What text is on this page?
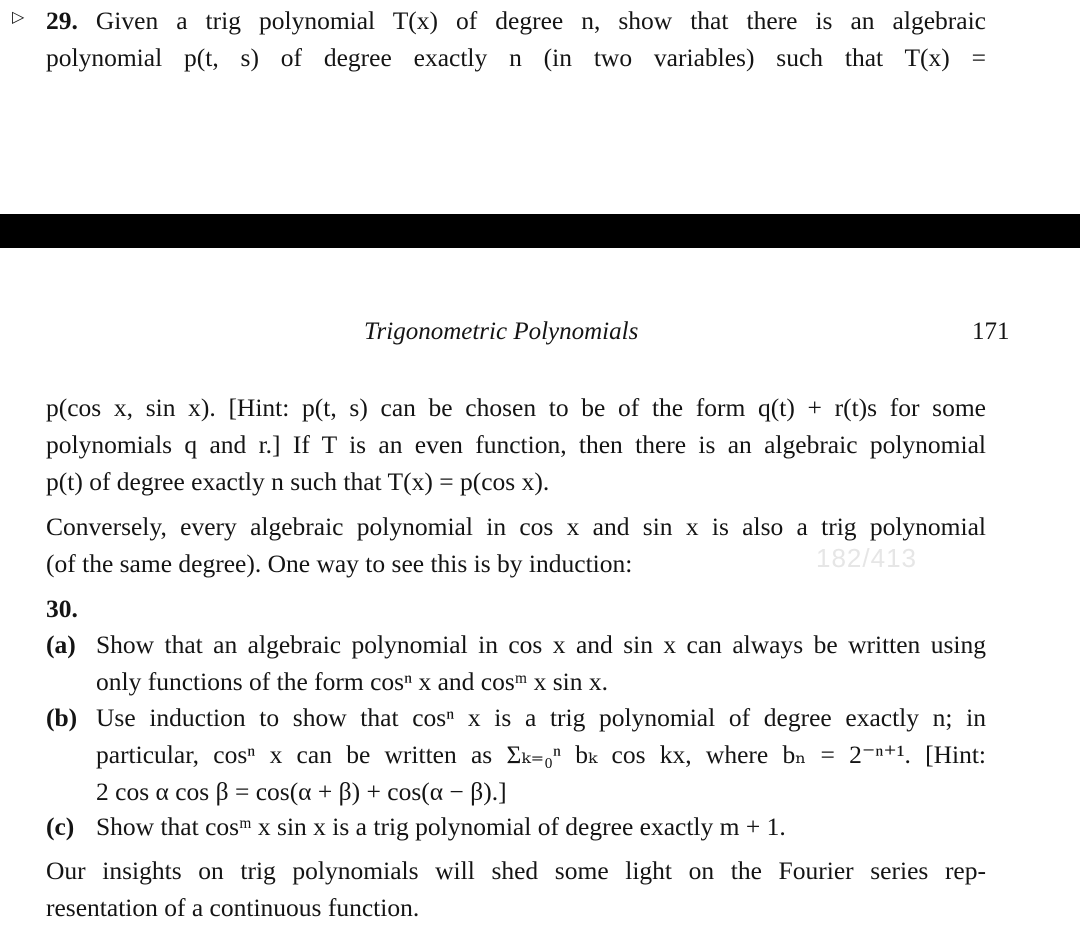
▷ 29. Given a trig polynomial T(x) of degree n, show that there is an algebraic
polynomial p(t, s) of degree exactly n (in two variables) such that T(x) =

Trigonometric Polynomials	171

p(cos x, sin x). [Hint: p(t, s) can be chosen to be of the form q(t) + r(t)s for some
polynomials q and r.] If T is an even function, then there is an algebraic polynomial
p(t) of degree exactly n such that T(x) = p(cos x).

Conversely, every algebraic polynomial in cos x and sin x is also a trig polynomial
(of the same degree). One way to see this is by induction:

30.
(a) Show that an algebraic polynomial in cos x and sin x can always be written using
only functions of the form cosⁿ x and cosᵐ x sin x.
(b) Use induction to show that cosⁿ x is a trig polynomial of degree exactly n; in
particular, cosⁿ x can be written as Σₖ₌₀ⁿ bₖ cos kx, where bₙ = 2⁻ⁿ⁺¹. [Hint:
2 cos α cos β = cos(α + β) + cos(α − β).]
(c) Show that cosᵐ x sin x is a trig polynomial of degree exactly m + 1.

Our insights on trig polynomials will shed some light on the Fourier series rep-
resentation of a continuous function.

182/413
